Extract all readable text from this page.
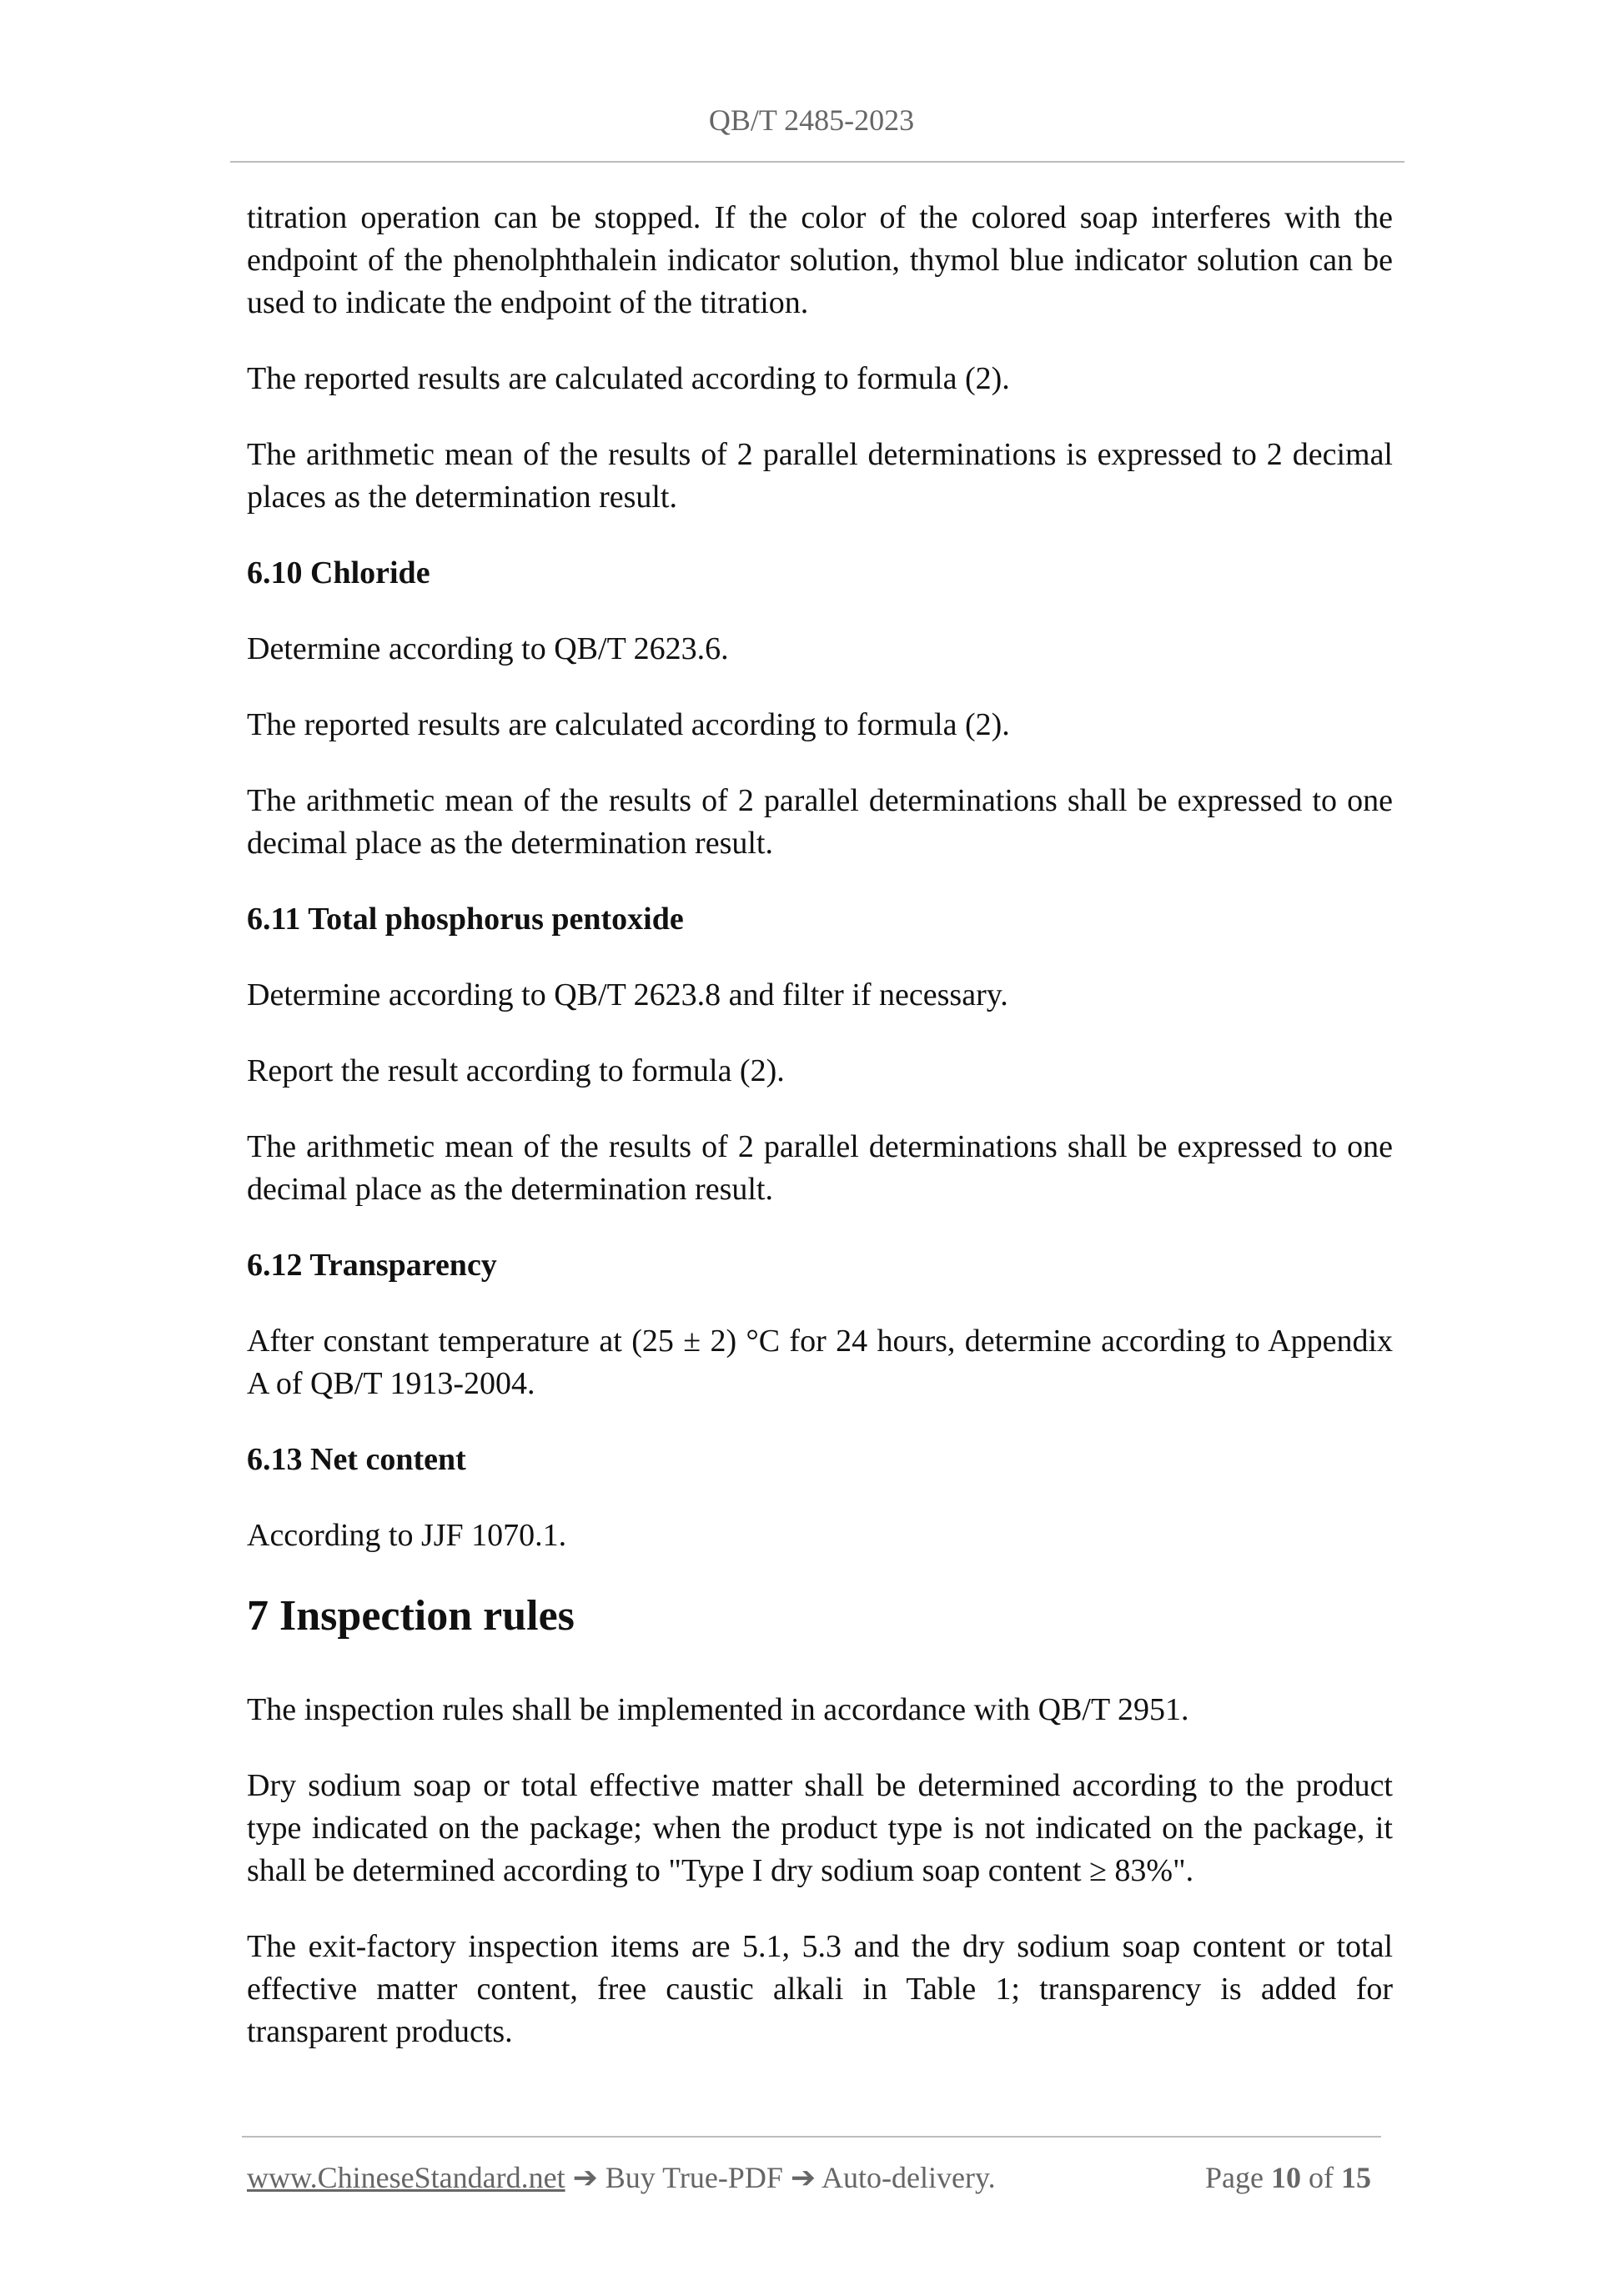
QB/T 2485-2023

titration operation can be stopped. If the color of the colored soap interferes with the endpoint of the phenolphthalein indicator solution, thymol blue indicator solution can be used to indicate the endpoint of the titration.

The reported results are calculated according to formula (2).

The arithmetic mean of the results of 2 parallel determinations is expressed to 2 decimal places as the determination result.

6.10 Chloride

Determine according to QB/T 2623.6.

The reported results are calculated according to formula (2).

The arithmetic mean of the results of 2 parallel determinations shall be expressed to one decimal place as the determination result.

6.11 Total phosphorus pentoxide

Determine according to QB/T 2623.8 and filter if necessary.

Report the result according to formula (2).

The arithmetic mean of the results of 2 parallel determinations shall be expressed to one decimal place as the determination result.

6.12 Transparency

After constant temperature at (25 ± 2) °C for 24 hours, determine according to Appendix A of QB/T 1913-2004.

6.13 Net content

According to JJF 1070.1.

7 Inspection rules

The inspection rules shall be implemented in accordance with QB/T 2951.

Dry sodium soap or total effective matter shall be determined according to the product type indicated on the package; when the product type is not indicated on the package, it shall be determined according to "Type I dry sodium soap content ≥ 83%".

The exit-factory inspection items are 5.1, 5.3 and the dry sodium soap content or total effective matter content, free caustic alkali in Table 1; transparency is added for transparent products.

www.ChineseStandard.net ➔ Buy True-PDF ➔ Auto-delivery.	Page 10 of 15
